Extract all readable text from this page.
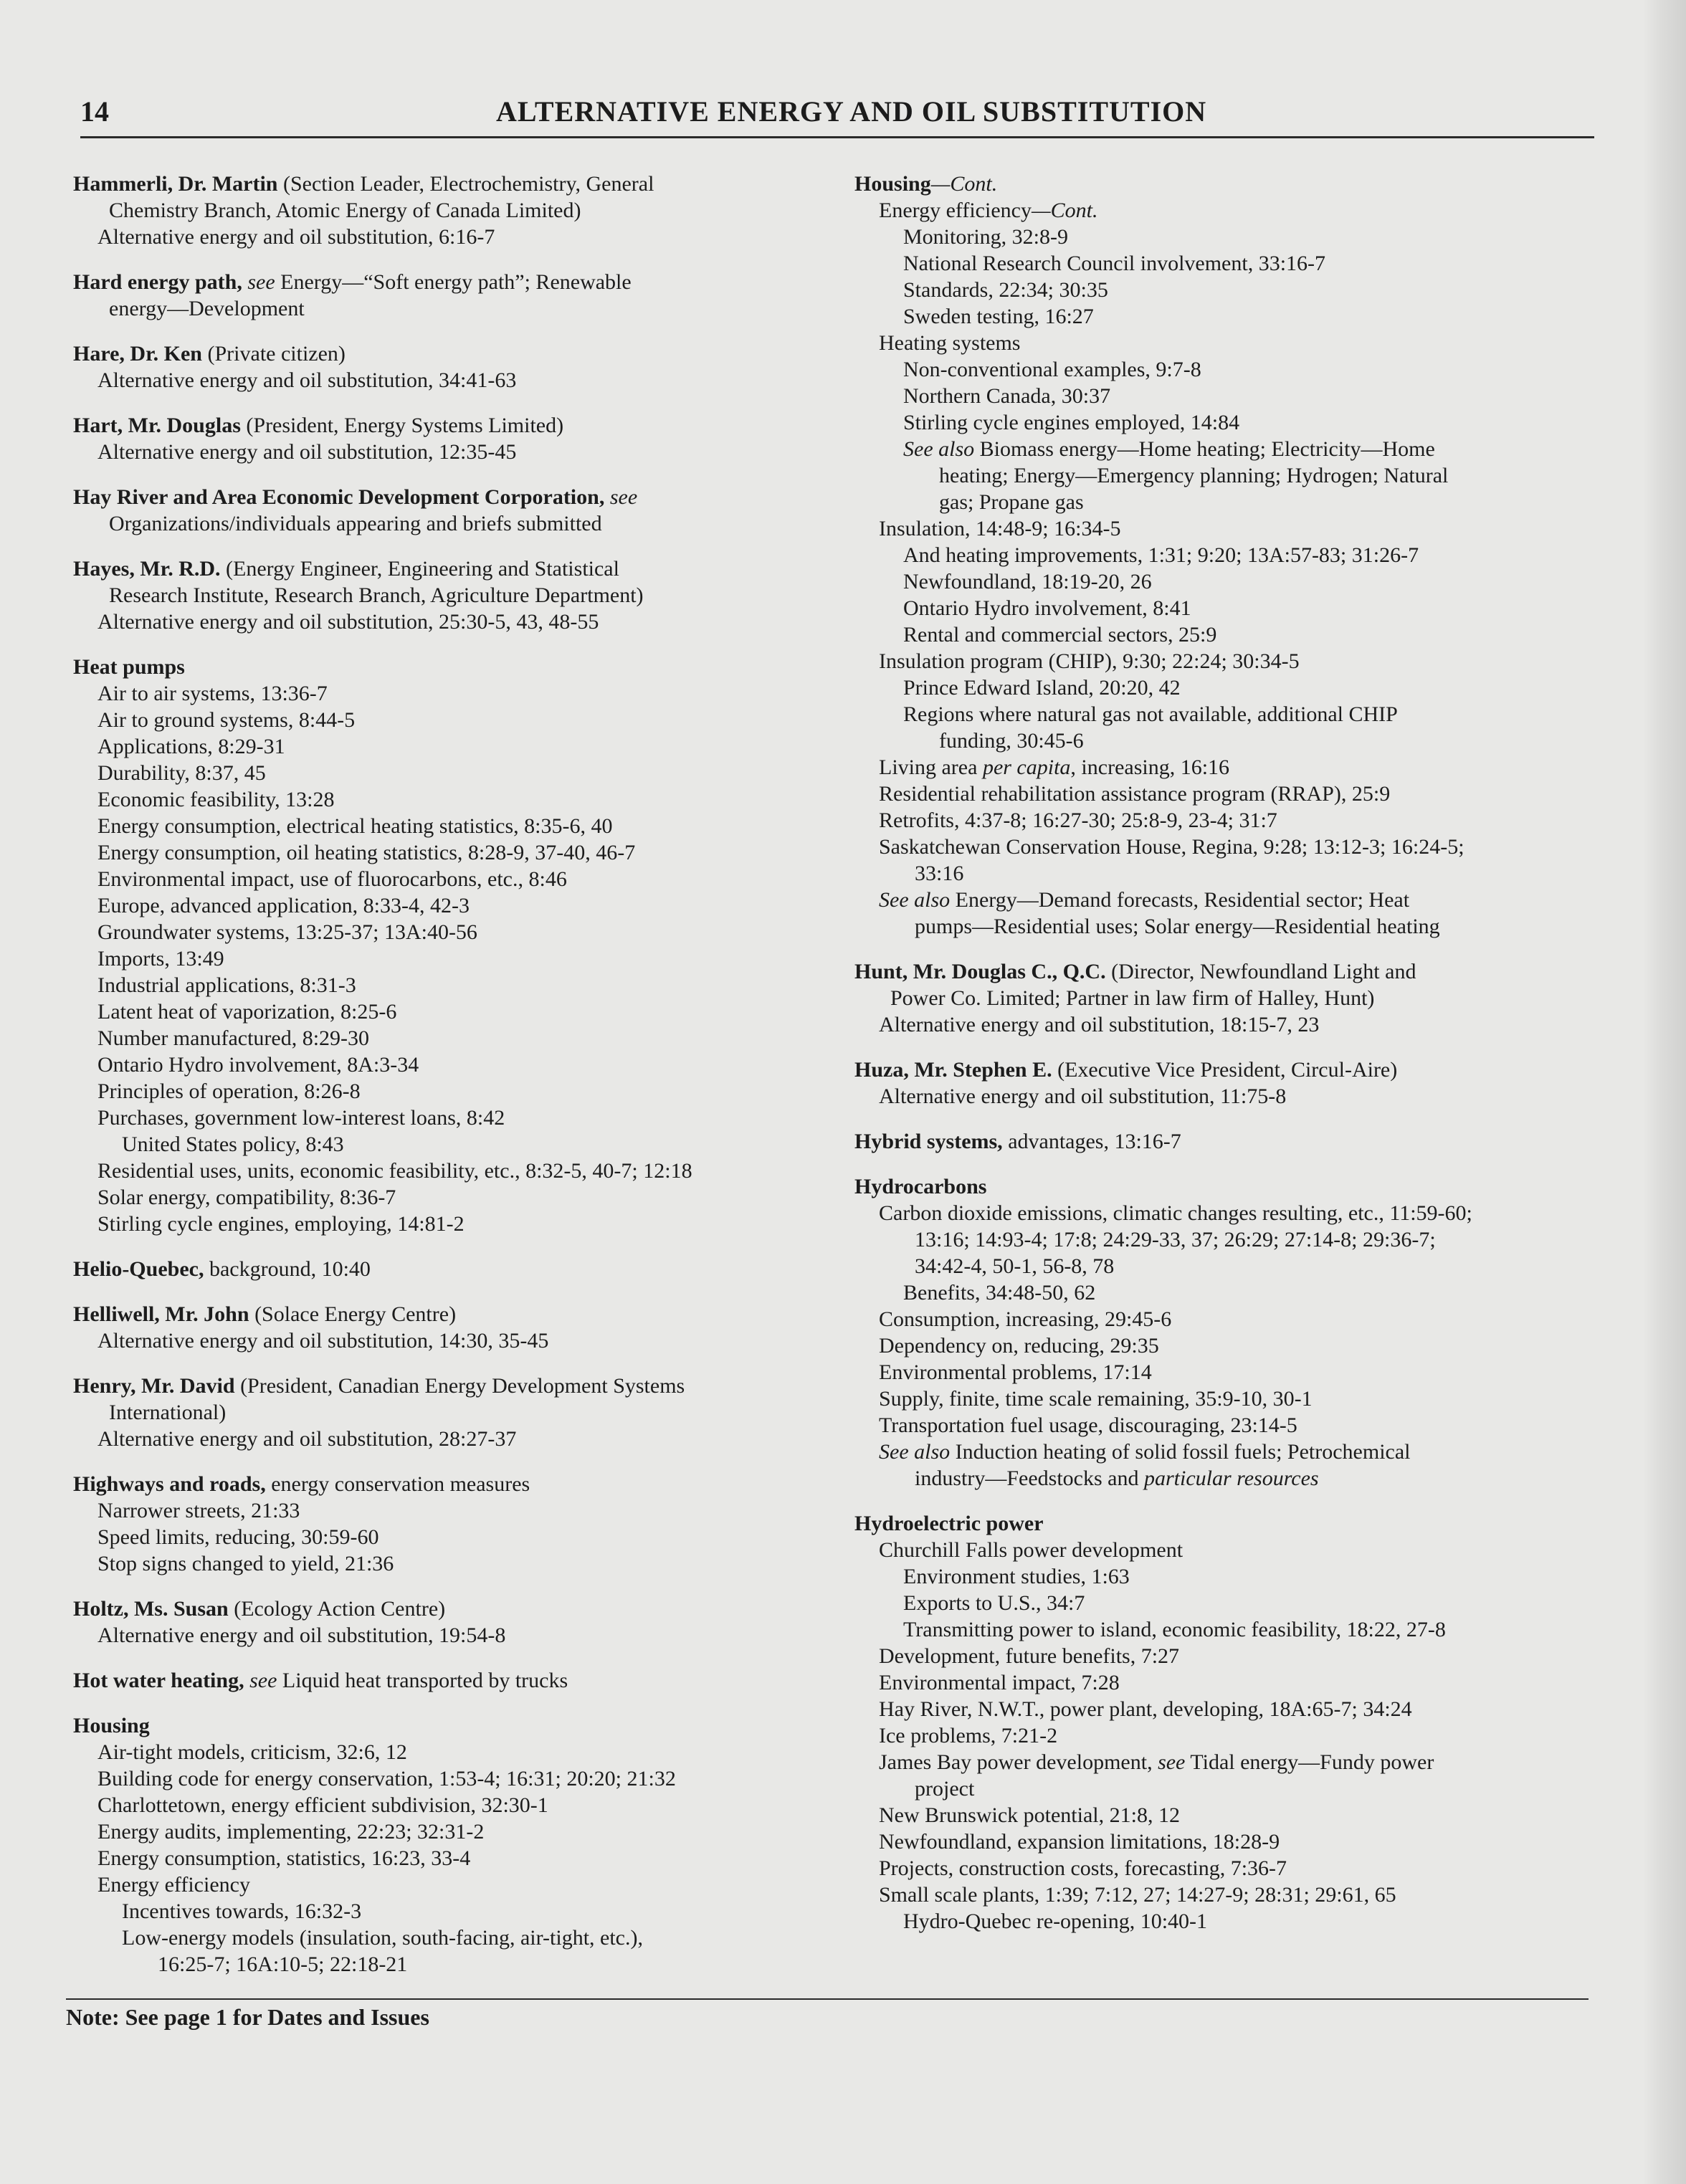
14	ALTERNATIVE ENERGY AND OIL SUBSTITUTION
Hammerli, Dr. Martin (Section Leader, Electrochemistry, General
Chemistry Branch, Atomic Energy of Canada Limited)
Alternative energy and oil substitution, 6:16-7
Hard energy path, see Energy—“Soft energy path”; Renewable
energy—Development
Hare, Dr. Ken (Private citizen)
Alternative energy and oil substitution, 34:41-63
Hart, Mr. Douglas (President, Energy Systems Limited)
Alternative energy and oil substitution, 12:35-45
Hay River and Area Economic Development Corporation, see
Organizations/individuals appearing and briefs submitted
Hayes, Mr. R.D. (Energy Engineer, Engineering and Statistical
Research Institute, Research Branch, Agriculture Department)
Alternative energy and oil substitution, 25:30-5, 43, 48-55
Heat pumps
Air to air systems, 13:36-7
Air to ground systems, 8:44-5
Applications, 8:29-31
Durability, 8:37, 45
Economic feasibility, 13:28
Energy consumption, electrical heating statistics, 8:35-6, 40
Energy consumption, oil heating statistics, 8:28-9, 37-40, 46-7
Environmental impact, use of fluorocarbons, etc., 8:46
Europe, advanced application, 8:33-4, 42-3
Groundwater systems, 13:25-37; 13A:40-56
Imports, 13:49
Industrial applications, 8:31-3
Latent heat of vaporization, 8:25-6
Number manufactured, 8:29-30
Ontario Hydro involvement, 8A:3-34
Principles of operation, 8:26-8
Purchases, government low-interest loans, 8:42
United States policy, 8:43
Residential uses, units, economic feasibility, etc., 8:32-5, 40-7; 12:18
Solar energy, compatibility, 8:36-7
Stirling cycle engines, employing, 14:81-2
Helio-Quebec, background, 10:40
Helliwell, Mr. John (Solace Energy Centre)
Alternative energy and oil substitution, 14:30, 35-45
Henry, Mr. David (President, Canadian Energy Development Systems
International)
Alternative energy and oil substitution, 28:27-37
Highways and roads, energy conservation measures
Narrower streets, 21:33
Speed limits, reducing, 30:59-60
Stop signs changed to yield, 21:36
Holtz, Ms. Susan (Ecology Action Centre)
Alternative energy and oil substitution, 19:54-8
Hot water heating, see Liquid heat transported by trucks
Housing
Air-tight models, criticism, 32:6, 12
Building code for energy conservation, 1:53-4; 16:31; 20:20; 21:32
Charlottetown, energy efficient subdivision, 32:30-1
Energy audits, implementing, 22:23; 32:31-2
Energy consumption, statistics, 16:23, 33-4
Energy efficiency
Incentives towards, 16:32-3
Low-energy models (insulation, south-facing, air-tight, etc.),
16:25-7; 16A:10-5; 22:18-21
Housing—Cont.
Energy efficiency—Cont.
Monitoring, 32:8-9
National Research Council involvement, 33:16-7
Standards, 22:34; 30:35
Sweden testing, 16:27
Heating systems
Non-conventional examples, 9:7-8
Northern Canada, 30:37
Stirling cycle engines employed, 14:84
See also Biomass energy—Home heating; Electricity—Home
heating; Energy—Emergency planning; Hydrogen; Natural
gas; Propane gas
Insulation, 14:48-9; 16:34-5
And heating improvements, 1:31; 9:20; 13A:57-83; 31:26-7
Newfoundland, 18:19-20, 26
Ontario Hydro involvement, 8:41
Rental and commercial sectors, 25:9
Insulation program (CHIP), 9:30; 22:24; 30:34-5
Prince Edward Island, 20:20, 42
Regions where natural gas not available, additional CHIP
funding, 30:45-6
Living area per capita, increasing, 16:16
Residential rehabilitation assistance program (RRAP), 25:9
Retrofits, 4:37-8; 16:27-30; 25:8-9, 23-4; 31:7
Saskatchewan Conservation House, Regina, 9:28; 13:12-3; 16:24-5;
33:16
See also Energy—Demand forecasts, Residential sector; Heat
pumps—Residential uses; Solar energy—Residential heating
Hunt, Mr. Douglas C., Q.C. (Director, Newfoundland Light and
Power Co. Limited; Partner in law firm of Halley, Hunt)
Alternative energy and oil substitution, 18:15-7, 23
Huza, Mr. Stephen E. (Executive Vice President, Circul-Aire)
Alternative energy and oil substitution, 11:75-8
Hybrid systems, advantages, 13:16-7
Hydrocarbons
Carbon dioxide emissions, climatic changes resulting, etc., 11:59-60;
13:16; 14:93-4; 17:8; 24:29-33, 37; 26:29; 27:14-8; 29:36-7;
34:42-4, 50-1, 56-8, 78
Benefits, 34:48-50, 62
Consumption, increasing, 29:45-6
Dependency on, reducing, 29:35
Environmental problems, 17:14
Supply, finite, time scale remaining, 35:9-10, 30-1
Transportation fuel usage, discouraging, 23:14-5
See also Induction heating of solid fossil fuels; Petrochemical
industry—Feedstocks and particular resources
Hydroelectric power
Churchill Falls power development
Environment studies, 1:63
Exports to U.S., 34:7
Transmitting power to island, economic feasibility, 18:22, 27-8
Development, future benefits, 7:27
Environmental impact, 7:28
Hay River, N.W.T., power plant, developing, 18A:65-7; 34:24
Ice problems, 7:21-2
James Bay power development, see Tidal energy—Fundy power
project
New Brunswick potential, 21:8, 12
Newfoundland, expansion limitations, 18:28-9
Projects, construction costs, forecasting, 7:36-7
Small scale plants, 1:39; 7:12, 27; 14:27-9; 28:31; 29:61, 65
Hydro-Quebec re-opening, 10:40-1
Note: See page 1 for Dates and Issues
